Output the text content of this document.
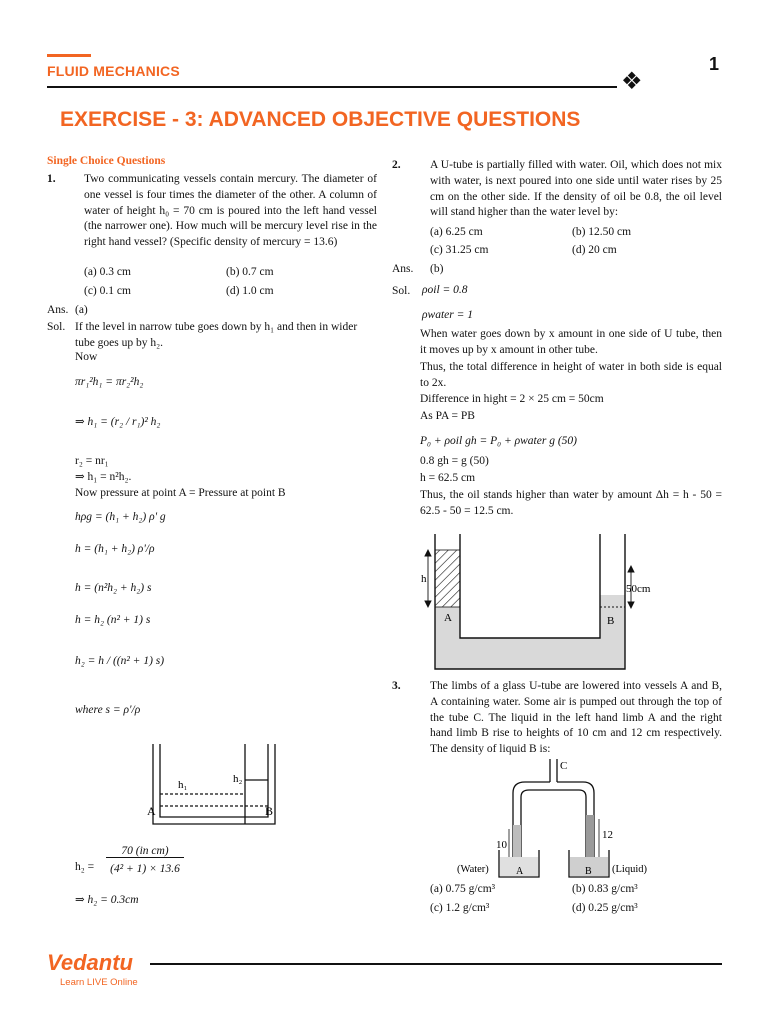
FLUID MECHANICS	1
❖
EXERCISE - 3: ADVANCED OBJECTIVE QUESTIONS
Single Choice Questions
1. Two communicating vessels contain mercury. The diameter of one vessel is four times the diameter of the other. A column of water of height h₀ = 70 cm is poured into the left hand vessel (the narrower one). How much will be mercury level rise in the right hand vessel? (Specific density of mercury = 13.6)
(a) 0.3 cm	(b) 0.7 cm
(c) 0.1 cm	(d) 1.0 cm
Ans. (a)
Sol. If the level in narrow tube goes down by h₁ and then in wider tube goes up by h₂.
Now
πr₁²h₁ = πr₂²h₂
⇒ h₁ = (r₂ / r₁)² h₂
r₂ = nr₁
⇒ h₁ = n²h₂.
Now pressure at point A = Pressure at point B
hρg = (h₁ + h₂) ρ' g
h = (h₁ + h₂) ρ'/ρ
h = (n²h₂ + h₂) s
h = h₂ (n² + 1) s
h₂ = h / ((n² + 1) s)
where s = ρ'/ρ
h₁	h₂
A	B
h₂ =
70 (in cm)
(4² + 1) × 13.6
⇒ h₂ = 0.3cm
2.	A U-tube is partially filled with water. Oil, which does not mix with water, is next poured into one side until water rises by 25 cm on the other side. If the density of oil be 0.8, the oil level will stand higher than the water level by:
(a) 6.25 cm	(b) 12.50 cm
(c) 31.25 cm	(d) 20 cm
Ans. (b)
Sol. ρoil = 0.8
ρwater = 1
When water goes down by x amount in one side of U tube, then it moves up by x amount in other tube.
Thus, the total difference in height of water in both side is equal to 2x.
Difference in hight = 2 × 25 cm = 50cm
As PA = PB
P₀ + ρoil gh = P₀ + ρwater g (50)
0.8 gh = g (50)
h = 62.5 cm
Thus, the oil stands higher than water by amount Δh = h - 50 = 62.5 - 50 = 12.5 cm.
h
50cm
A	B
3.	The limbs of a glass U-tube are lowered into vessels A and B, A containing water. Some air is pumped out through the top of the tube C. The liquid in the left hand limb A and the right hand limb B rise to heights of 10 cm and 12 cm respectively. The density of liquid B is:
C
10
12
A	B
(Water)	(Liquid)
(a) 0.75 g/cm³	(b) 0.83 g/cm³
(c) 1.2 g/cm³	(d) 0.25 g/cm³
Vedantu
Learn LIVE Online
